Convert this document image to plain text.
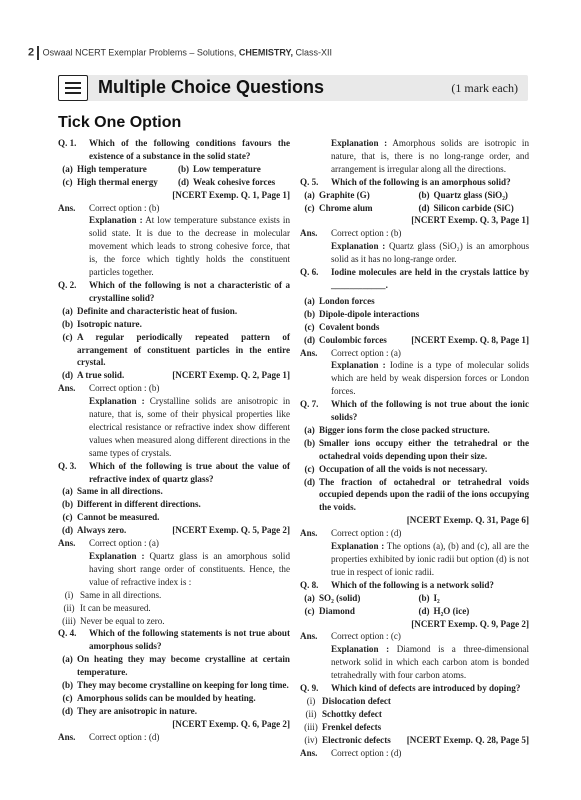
2 Oswaal NCERT Exemplar Problems – Solutions, CHEMISTRY, Class-XII
Multiple Choice Questions	(1 mark each)
Tick One Option
Q. 1.	Which of the following conditions favours the existence of a substance in the solid state?
(a) High temperature	(b) Low temperature
(c) High thermal energy	(d) Weak cohesive forces
[NCERT Exemp. Q. 1, Page 1]
Ans.	Correct option : (b)
Explanation : At low temperature substance exists in solid state. It is due to the decrease in molecular movement which leads to strong cohesive force, that is, the force which tightly holds the constituent particles together.
Q. 2.	Which of the following is not a characteristic of a crystalline solid?
(a) Definite and characteristic heat of fusion.
(b) Isotropic nature.
(c) A regular periodically repeated pattern of arrangement of constituent particles in the entire crystal.
(d) A true solid.	[NCERT Exemp. Q. 2, Page 1]
Ans.	Correct option : (b)
Explanation : Crystalline solids are anisotropic in nature, that is, some of their physical properties like electrical resistance or refractive index show different values when measured along different directions in the same types of crystals.
Q. 3.	Which of the following is true about the value of refractive index of quartz glass?
(a) Same in all directions.
(b) Different in different directions.
(c) Cannot be measured.
(d) Always zero.	[NCERT Exemp. Q. 5, Page 2]
Ans.	Correct option : (a)
Explanation : Quartz glass is an amorphous solid having short range order of constituents. Hence, the value of refractive index is :
(i) Same in all directions.
(ii) It can be measured.
(iii) Never be equal to zero.
Q. 4.	Which of the following statements is not true about amorphous solids?
(a) On heating they may become crystalline at certain temperature.
(b) They may become crystalline on keeping for long time.
(c) Amorphous solids can be moulded by heating.
(d) They are anisotropic in nature.
[NCERT Exemp. Q. 6, Page 2]
Ans.	Correct option : (d)
Explanation : Amorphous solids are isotropic in nature, that is, there is no long-range order, and arrangement is irregular along all the directions.
Q. 5.	Which of the following is an amorphous solid?
(a) Graphite (G)	(b) Quartz glass (SiO₂)
(c) Chrome alum	(d) Silicon carbide (SiC)
[NCERT Exemp. Q. 3, Page 1]
Ans.	Correct option : (b)
Explanation : Quartz glass (SiO₂) is an amorphous solid as it has no long-range order.
Q. 6.	Iodine molecules are held in the crystals lattice by ____________.
(a) London forces
(b) Dipole-dipole interactions
(c) Covalent bonds
(d) Coulombic forces	[NCERT Exemp. Q. 8, Page 1]
Ans.	Correct option : (a)
Explanation : Iodine is a type of molecular solids which are held by weak dispersion forces or London forces.
Q. 7.	Which of the following is not true about the ionic solids?
(a) Bigger ions form the close packed structure.
(b) Smaller ions occupy either the tetrahedral or the octahedral voids depending upon their size.
(c) Occupation of all the voids is not necessary.
(d) The fraction of octahedral or tetrahedral voids occupied depends upon the radii of the ions occupying the voids.
[NCERT Exemp. Q. 31, Page 6]
Ans.	Correct option : (d)
Explanation : The options (a), (b) and (c), all are the properties exhibited by ionic radii but option (d) is not true in respect of ionic radii.
Q. 8.	Which of the following is a network solid?
(a) SO₂ (solid)	(b) I₂
(c) Diamond	(d) H₂O (ice)
[NCERT Exemp. Q. 9, Page 2]
Ans.	Correct option : (c)
Explanation : Diamond is a three-dimensional network solid in which each carbon atom is bonded tetrahedrally with four carbon atoms.
Q. 9.	Which kind of defects are introduced by doping?
(i) Dislocation defect
(ii) Schottky defect
(iii) Frenkel defects
(iv) Electronic defects [NCERT Exemp. Q. 28, Page 5]
Ans.	Correct option : (d)
